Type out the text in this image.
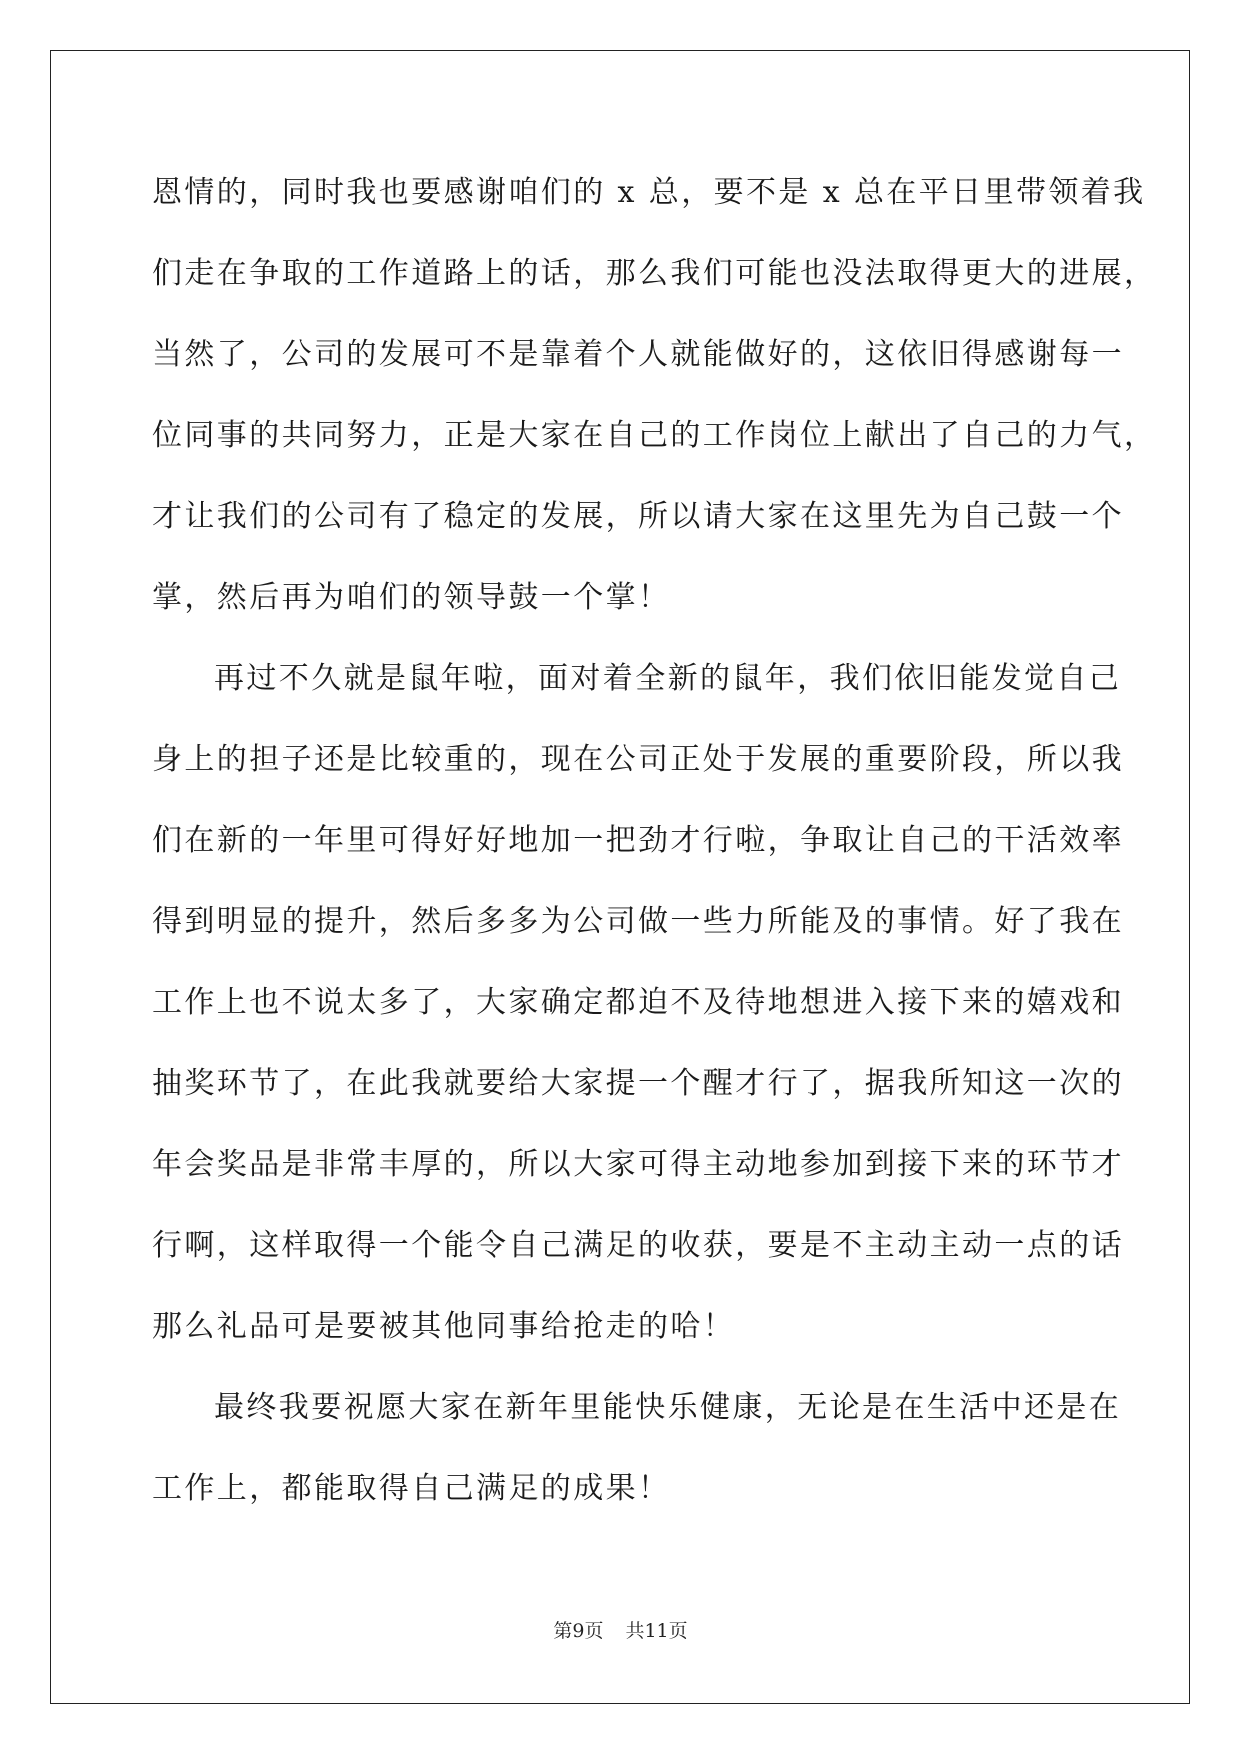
恩情的，同时我也要感谢咱们的 x 总，要不是 x 总在平日里带领着我
们走在争取的工作道路上的话，那么我们可能也没法取得更大的进展，
当然了，公司的发展可不是靠着个人就能做好的，这依旧得感谢每一
位同事的共同努力，正是大家在自己的工作岗位上献出了自己的力气，
才让我们的公司有了稳定的发展，所以请大家在这里先为自己鼓一个
掌，然后再为咱们的领导鼓一个掌！
再过不久就是鼠年啦，面对着全新的鼠年，我们依旧能发觉自己
身上的担子还是比较重的，现在公司正处于发展的重要阶段，所以我
们在新的一年里可得好好地加一把劲才行啦，争取让自己的干活效率
得到明显的提升，然后多多为公司做一些力所能及的事情。好了我在
工作上也不说太多了，大家确定都迫不及待地想进入接下来的嬉戏和
抽奖环节了，在此我就要给大家提一个醒才行了，据我所知这一次的
年会奖品是非常丰厚的，所以大家可得主动地参加到接下来的环节才
行啊，这样取得一个能令自己满足的收获，要是不主动主动一点的话
那么礼品可是要被其他同事给抢走的哈！
最终我要祝愿大家在新年里能快乐健康，无论是在生活中还是在
工作上，都能取得自己满足的成果！
第9页 共11页
